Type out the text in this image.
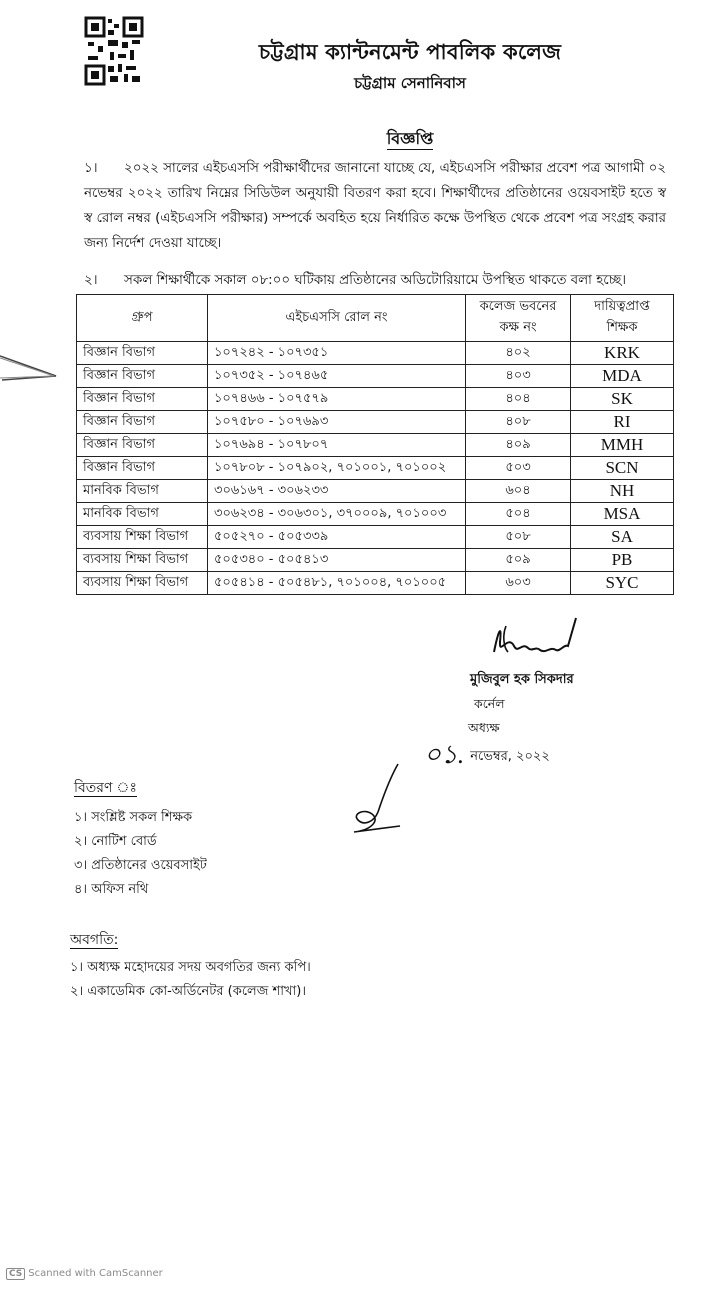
চট্টগ্রাম ক্যান্টনমেন্ট পাবলিক কলেজ
চট্টগ্রাম সেনানিবাস
বিজ্ঞপ্তি
১। ২০২২ সালের এইচএসসি পরীক্ষার্থীদের জানানো যাচ্ছে যে, এইচএসসি পরীক্ষার প্রবেশ পত্র আগামী ০২ নভেম্বর ২০২২ তারিখ নিম্নের সিডিউল অনুযায়ী বিতরণ করা হবে। শিক্ষার্থীদের প্রতিষ্ঠানের ওয়েবসাইট হতে স্ব স্ব রোল নম্বর (এইচএসসি পরীক্ষার) সম্পর্কে অবহিত হয়ে নির্ধারিত কক্ষে উপস্থিত থেকে প্রবেশ পত্র সংগ্রহ করার জন্য নির্দেশ দেওয়া যাচ্ছে।
২। সকল শিক্ষার্থীকে সকাল ০৮:০০ ঘটিকায় প্রতিষ্ঠানের অডিটোরিয়ামে উপস্থিত থাকতে বলা হচ্ছে।
গ্রুপ	এইচএসসি রোল নং	কলেজ ভবনের
কক্ষ নং	দায়িত্বপ্রাপ্ত শিক্ষক
বিজ্ঞান বিভাগ	১০৭২৪২ - ১০৭৩৫১	৪০২	KRK
বিজ্ঞান বিভাগ	১০৭৩৫২ - ১০৭৪৬৫	৪০৩	MDA
বিজ্ঞান বিভাগ	১০৭৪৬৬ - ১০৭৫৭৯	৪০৪	SK
বিজ্ঞান বিভাগ	১০৭৫৮০ - ১০৭৬৯৩	৪০৮	RI
বিজ্ঞান বিভাগ	১০৭৬৯৪ - ১০৭৮০৭	৪০৯	MMH
বিজ্ঞান বিভাগ	১০৭৮০৮ - ১০৭৯০২, ৭০১০০১, ৭০১০০২	৫০৩	SCN
মানবিক বিভাগ	৩০৬১৬৭ - ৩০৬২৩৩	৬০৪	NH
মানবিক বিভাগ	৩০৬২৩৪ - ৩০৬৩০১, ৩৭০০০৯, ৭০১০০৩	৫০৪	MSA
ব্যবসায় শিক্ষা বিভাগ	৫০৫২৭০ - ৫০৫৩৩৯	৫০৮	SA
ব্যবসায় শিক্ষা বিভাগ	৫০৫৩৪০ - ৫০৫৪১৩	৫০৯	PB
ব্যবসায় শিক্ষা বিভাগ	৫০৫৪১৪ - ৫০৫৪৮১, ৭০১০০৪, ৭০১০০৫	৬০৩	SYC
মুজিবুল হক সিকদার
কর্নেল
অধ্যক্ষ
০১. নভেম্বর, ২০২২
বিতরণ ঃ
১। সংশ্লিষ্ট সকল শিক্ষক
২। নোটিশ বোর্ড
৩। প্রতিষ্ঠানের ওয়েবসাইট
৪। অফিস নথি
অবগতি:
১। অধ্যক্ষ মহোদয়ের সদয় অবগতির জন্য কপি।
২। একাডেমিক কো-অর্ডিনেটর (কলেজ শাখা)।
CS Scanned with CamScanner
